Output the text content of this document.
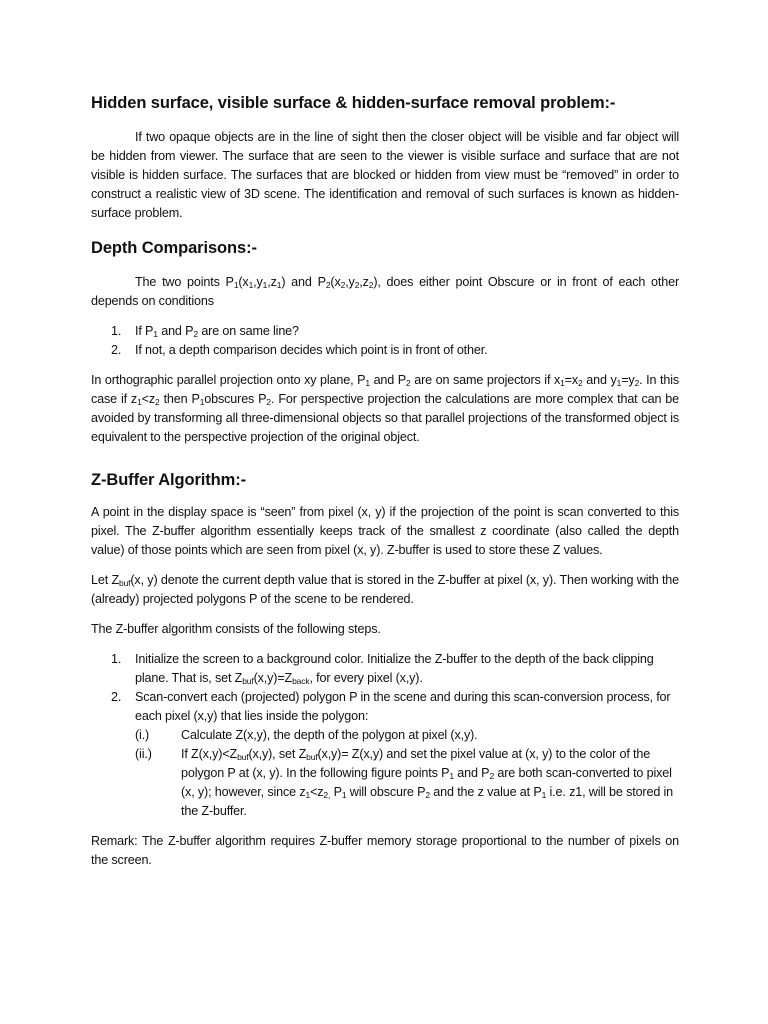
Hidden surface, visible surface & hidden-surface removal problem:-

If two opaque objects are in the line of sight then the closer object will be visible and far object will be hidden from viewer. The surface that are seen to the viewer is visible surface and surface that are not visible is hidden surface. The surfaces that are blocked or hidden from view must be “removed” in order to construct a realistic view of 3D scene. The identification and removal of such surfaces is known as hidden-surface problem.

Depth Comparisons:-

The two points $P_1(x_1,y_1,z_1)$ and $P_2(x_2,y_2,z_2)$, does either point Obscure or in front of each other depends on conditions

1. If $P_1$ and $P_2$ are on same line?
2. If not, a depth comparison decides which point is in front of other.

In orthographic parallel projection onto xy plane, $P_1$ and $P_2$ are on same projectors if $x_1=x_2$ and $y_1=y_2$. In this case if $z_1<z_2$ then $P_1obscures$ $P_2$. For perspective projection the calculations are more complex that can be avoided by transforming all three-dimensional objects so that parallel projections of the transformed object is equivalent to the perspective projection of the original object.

Z-Buffer Algorithm:-

A point in the display space is “seen” from pixel (x, y) if the projection of the point is scan converted to this pixel. The Z-buffer algorithm essentially keeps track of the smallest z coordinate (also called the depth value) of those points which are seen from pixel (x, y). Z-buffer is used to store these Z values.

Let $Z_{buf}(x$, y) denote the current depth value that is stored in the Z-buffer at pixel (x, y). Then working with the (already) projected polygons P of the scene to be rendered.

The Z-buffer algorithm consists of the following steps.

1. Initialize the screen to a background color. Initialize the Z-buffer to the depth of the back clipping plane. That is, set $Z_{buf}(x,y)=Z_{back}$, for every pixel (x,y).
2. Scan-convert each (projected) polygon P in the scene and during this scan-conversion process, for each pixel (x,y) that lies inside the polygon:
(i.)	Calculate Z(x,y), the depth of the polygon at pixel (x,y).
(ii.) If $Z(x,y)<Z_{buf}(x,y)$, set $Z_{buf}(x,y)= Z(x,y)$ and set the pixel value at (x, y) to the color of the polygon P at (x, y). In the following figure points $P_1$ and $P_2$ are both scan-converted to pixel (x, y); however, since $z_1<z_{2,}$ $P_1$ will obscure $P_2$ and the z value at $P_1$ i.e. z1, will be stored in the Z-buffer.

Remark: The Z-buffer algorithm requires Z-buffer memory storage proportional to the number of pixels on the screen.
